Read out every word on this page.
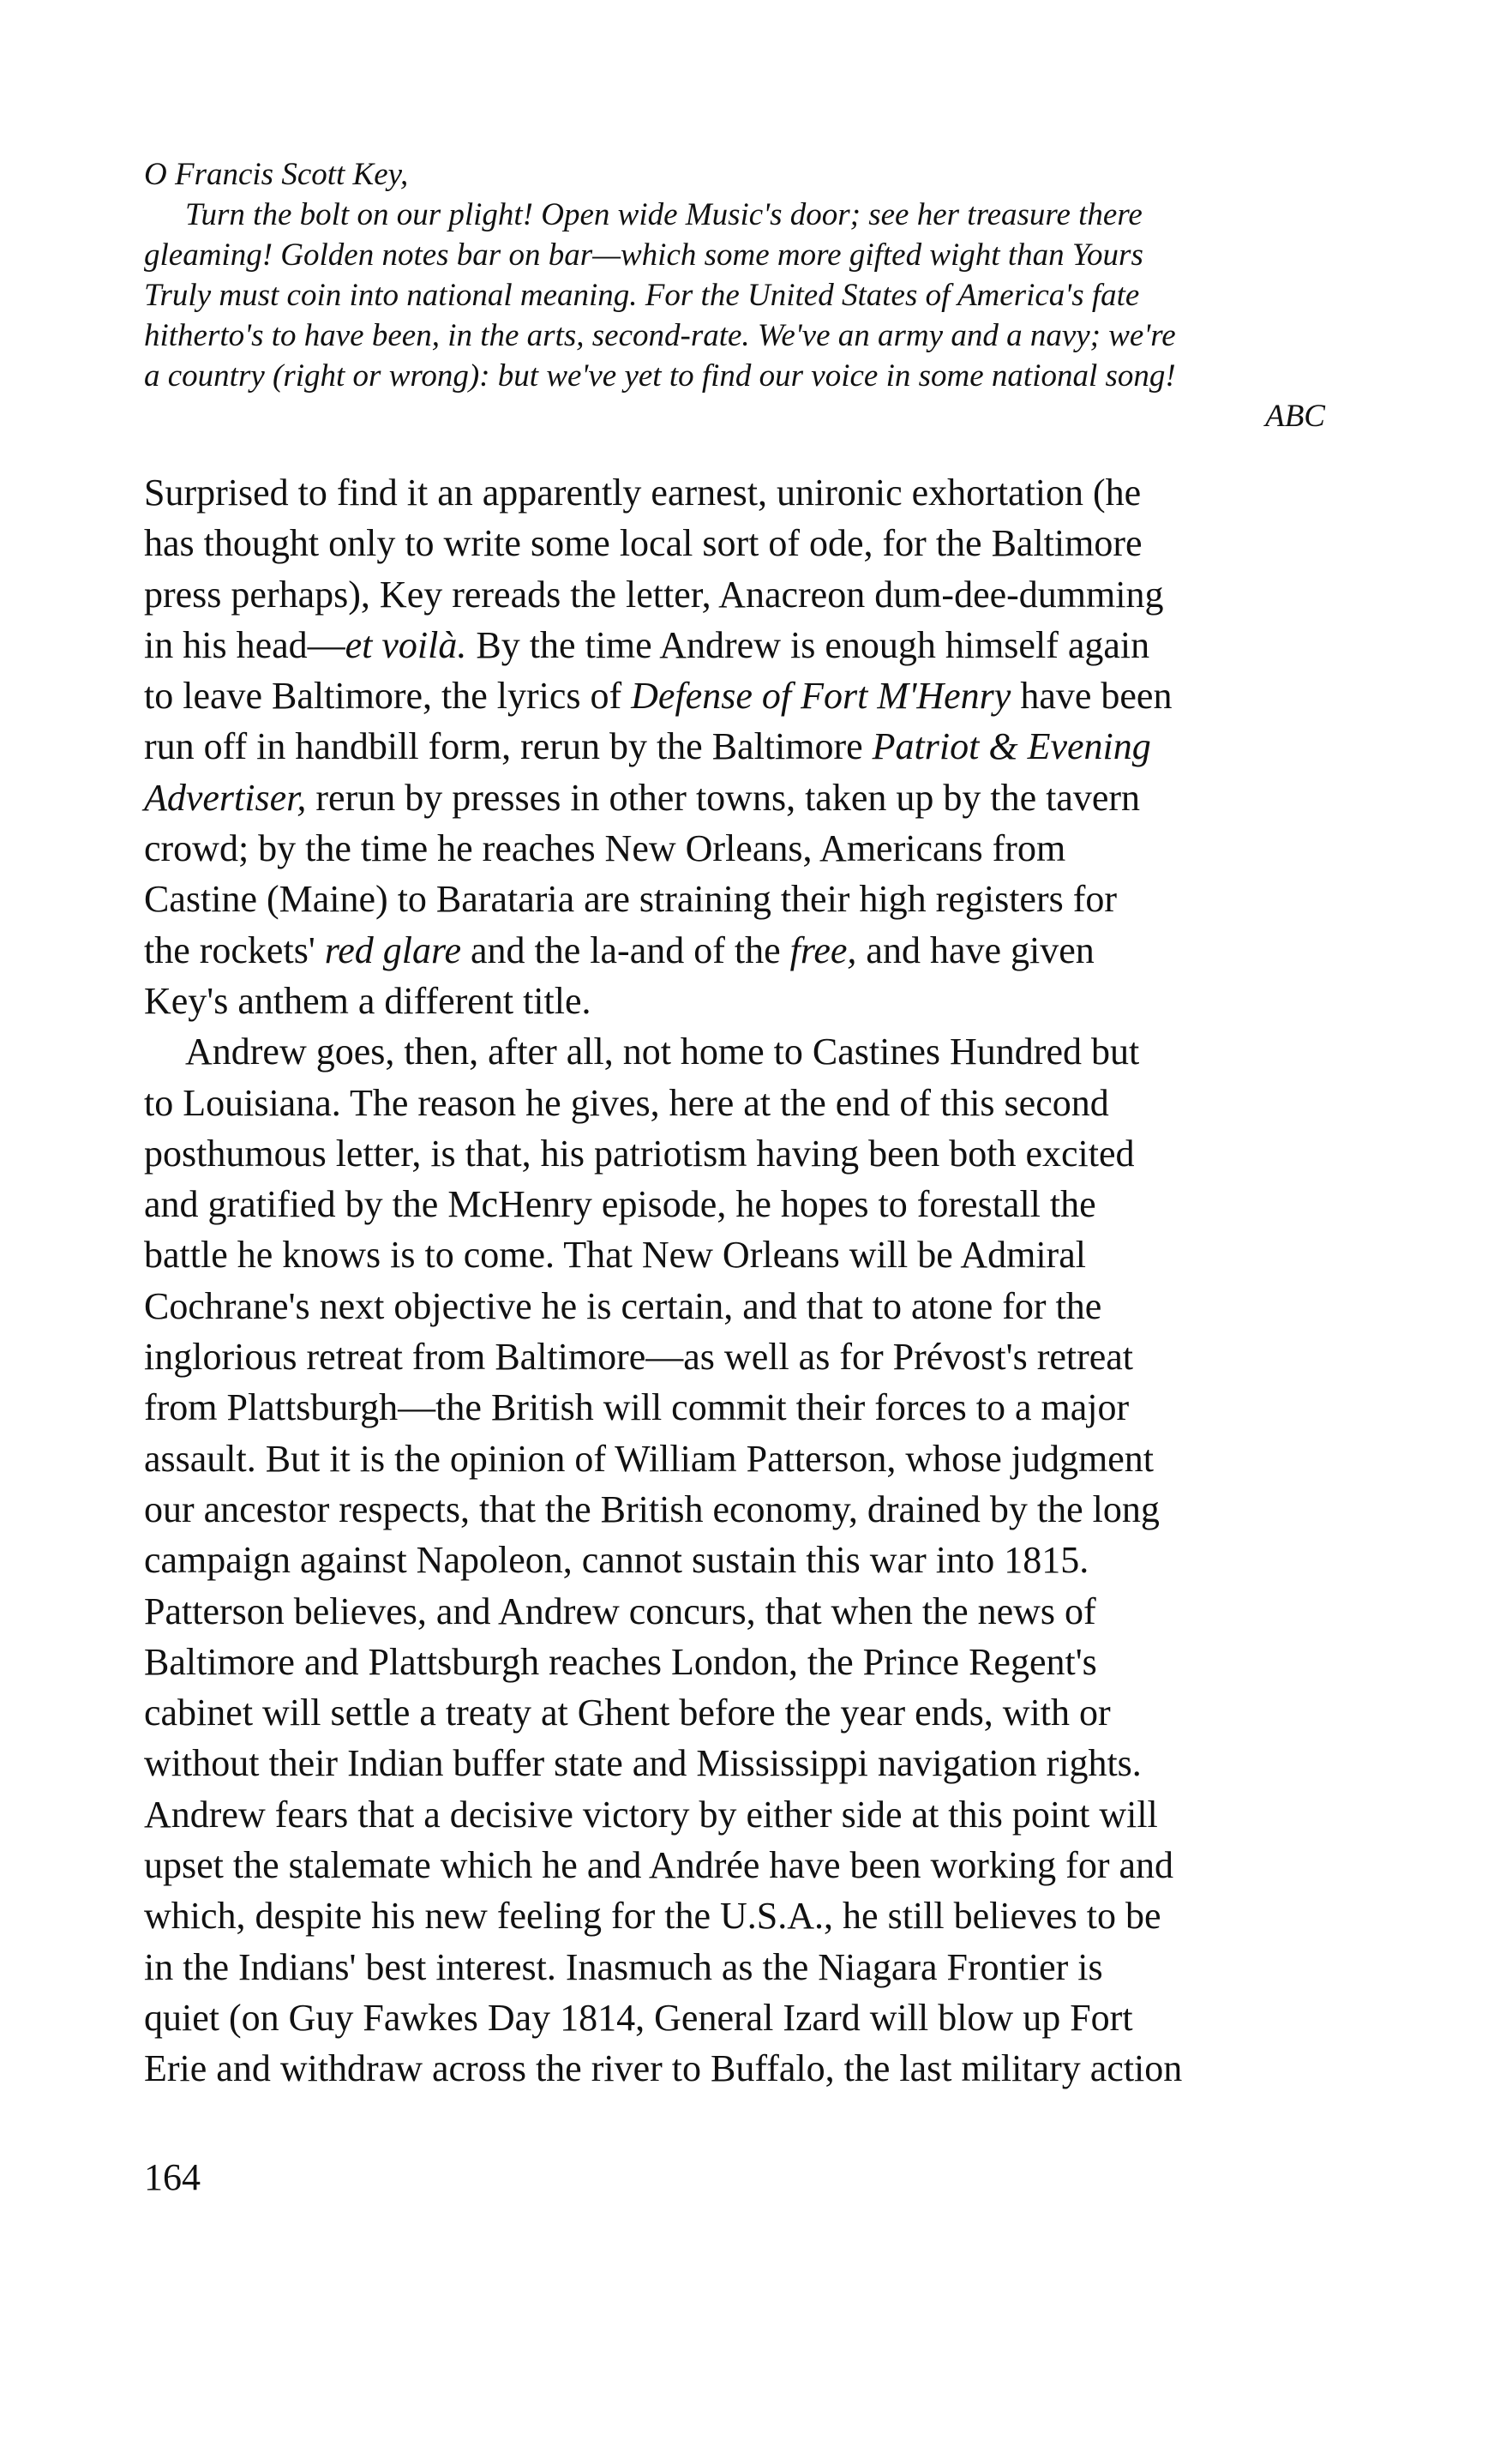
O Francis Scott Key,
Turn the bolt on our plight! Open wide Music's door; see her treasure there
gleaming! Golden notes bar on bar—which some more gifted wight than Yours
Truly must coin into national meaning. For the United States of America's fate
hitherto's to have been, in the arts, second-rate. We've an army and a navy; we're
a country (right or wrong): but we've yet to find our voice in some national song!
ABC
Surprised to find it an apparently earnest, unironic exhortation (he
has thought only to write some local sort of ode, for the Baltimore
press perhaps), Key rereads the letter, Anacreon dum-dee-dumming
in his head—et voilà. By the time Andrew is enough himself again
to leave Baltimore, the lyrics of Defense of Fort M'Henry have been
run off in handbill form, rerun by the Baltimore Patriot & Evening
Advertiser, rerun by presses in other towns, taken up by the tavern
crowd; by the time he reaches New Orleans, Americans from
Castine (Maine) to Barataria are straining their high registers for
the rockets' red glare and the la-and of the free, and have given
Key's anthem a different title.
Andrew goes, then, after all, not home to Castines Hundred but
to Louisiana. The reason he gives, here at the end of this second
posthumous letter, is that, his patriotism having been both excited
and gratified by the McHenry episode, he hopes to forestall the
battle he knows is to come. That New Orleans will be Admiral
Cochrane's next objective he is certain, and that to atone for the
inglorious retreat from Baltimore—as well as for Prévost's retreat
from Plattsburgh—the British will commit their forces to a major
assault. But it is the opinion of William Patterson, whose judgment
our ancestor respects, that the British economy, drained by the long
campaign against Napoleon, cannot sustain this war into 1815.
Patterson believes, and Andrew concurs, that when the news of
Baltimore and Plattsburgh reaches London, the Prince Regent's
cabinet will settle a treaty at Ghent before the year ends, with or
without their Indian buffer state and Mississippi navigation rights.
Andrew fears that a decisive victory by either side at this point will
upset the stalemate which he and Andrée have been working for and
which, despite his new feeling for the U.S.A., he still believes to be
in the Indians' best interest. Inasmuch as the Niagara Frontier is
quiet (on Guy Fawkes Day 1814, General Izard will blow up Fort
Erie and withdraw across the river to Buffalo, the last military action
164
